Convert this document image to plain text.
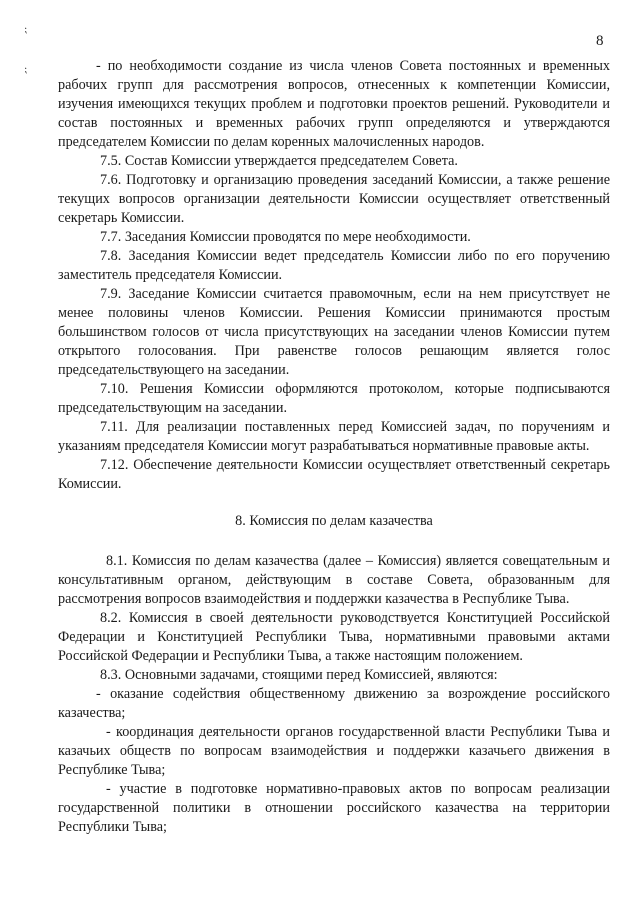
8
⁏
⁏	- по необходимости создание из числа членов Совета постоянных и временных рабочих групп для рассмотрения вопросов, отнесенных к компетенции Комиссии, изучения имеющихся текущих проблем и подготовки проектов решений. Руководители и состав постоянных и временных рабочих групп определяются и утверждаются председателем Комиссии по делам коренных малочисленных народов.

7.5. Состав Комиссии утверждается председателем Совета.

7.6. Подготовку и организацию проведения заседаний Комиссии, а также решение текущих вопросов организации деятельности Комиссии осуществляет ответственный секретарь Комиссии.

7.7. Заседания Комиссии проводятся по мере необходимости.

7.8. Заседания Комиссии ведет председатель Комиссии либо по его поручению заместитель председателя Комиссии.

7.9. Заседание Комиссии считается правомочным, если на нем присутствует не менее половины членов Комиссии. Решения Комиссии принимаются простым большинством голосов от числа присутствующих на заседании членов Комиссии путем открытого голосования. При равенстве голосов решающим является голос председательствующего на заседании.

7.10. Решения Комиссии оформляются протоколом, которые подписываются председательствующим на заседании.

7.11. Для реализации поставленных перед Комиссией задач, по поручениям и указаниям председателя Комиссии могут разрабатываться нормативные правовые акты.

7.12. Обеспечение деятельности Комиссии осуществляет ответственный секретарь Комиссии.

8. Комиссия по делам казачества

8.1. Комиссия по делам казачества (далее – Комиссия) является совещательным и консультативным органом, действующим в составе Совета, образованным для рассмотрения вопросов взаимодействия и поддержки казачества в Республике Тыва.

8.2. Комиссия в своей деятельности руководствуется Конституцией Российской Федерации и Конституцией Республики Тыва, нормативными правовыми актами Российской Федерации и Республики Тыва, а также настоящим положением.

8.3. Основными задачами, стоящими перед Комиссией, являются:

- оказание содействия общественному движению за возрождение российского казачества;

- координация деятельности органов государственной власти Республики Тыва и казачьих обществ по вопросам взаимодействия и поддержки казачьего движения в Республике Тыва;

- участие в подготовке нормативно-правовых актов по вопросам реализации государственной политики в отношении российского казачества на территории Республики Тыва;
